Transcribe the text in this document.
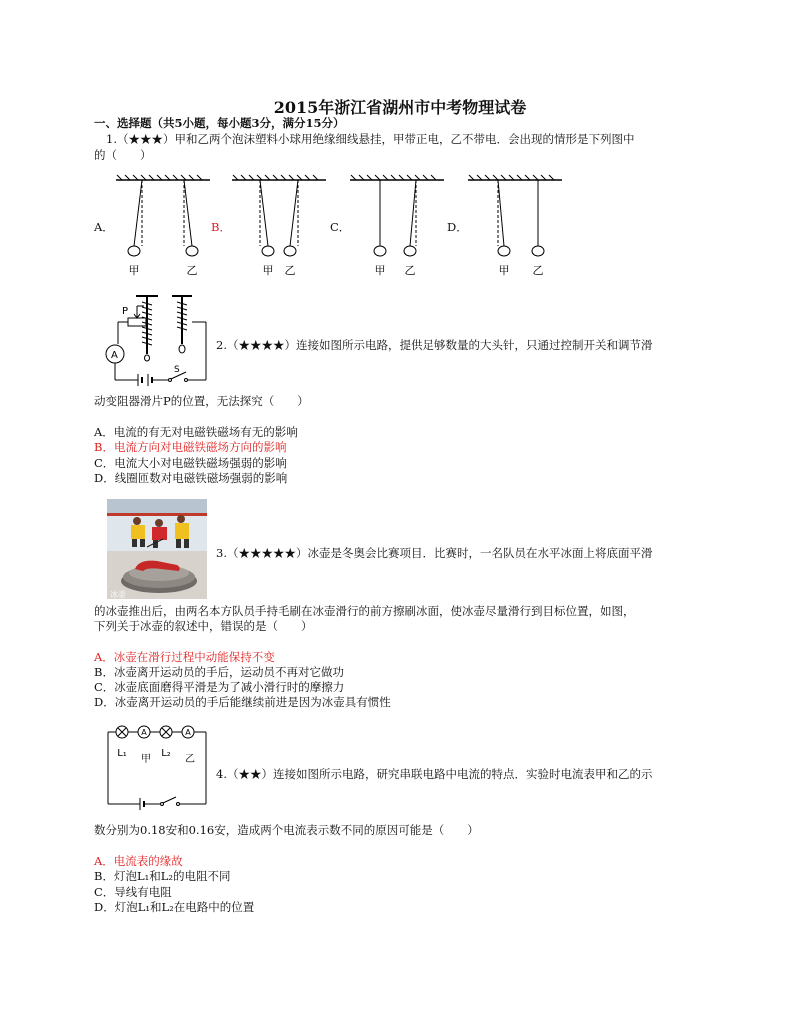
2015年浙江省湖州市中考物理试卷
一、选择题（共5小题，每小题3分，满分15分）
1.（★★★）甲和乙两个泡沫塑料小球用绝缘细线悬挂，甲带正电，乙不带电．会出现的情形是下列图中
的（　　）
A．	B．	C．	D．
甲	乙	甲 乙	甲 乙	甲 乙
P
A
S
2.（★★★★）连接如图所示电路，提供足够数量的大头针，只通过控制开关和调节滑
动变阻器滑片P的位置，无法探究（　　）
A．电流的有无对电磁铁磁场有无的影响
B．电流方向对电磁铁磁场方向的影响
C．电流大小对电磁铁磁场强弱的影响
D．线圈匝数对电磁铁磁场强弱的影响
冰壶
3.（★★★★★）冰壶是冬奥会比赛项目．比赛时，一名队员在水平冰面上将底面平滑
的冰壶推出后，由两名本方队员手持毛刷在冰壶滑行的前方擦刷冰面，使冰壶尽量滑行到目标位置，如图，
下列关于冰壶的叙述中，错误的是（　　）
A．冰壶在滑行过程中动能保持不变
B．冰壶离开运动员的手后，运动员不再对它做功
C．冰壶底面磨得平滑是为了减小滑行时的摩擦力
D．冰壶离开运动员的手后能继续前进是因为冰壶具有惯性
A	A
L₁
甲
L₂
乙
4.（★★）连接如图所示电路，研究串联电路中电流的特点．实验时电流表甲和乙的示
数分别为0.18安和0.16安，造成两个电流表示数不同的原因可能是（　　）
A．电流表的缘故
B．灯泡L₁和L₂的电阻不同
C．导线有电阻
D．灯泡L₁和L₂在电路中的位置
